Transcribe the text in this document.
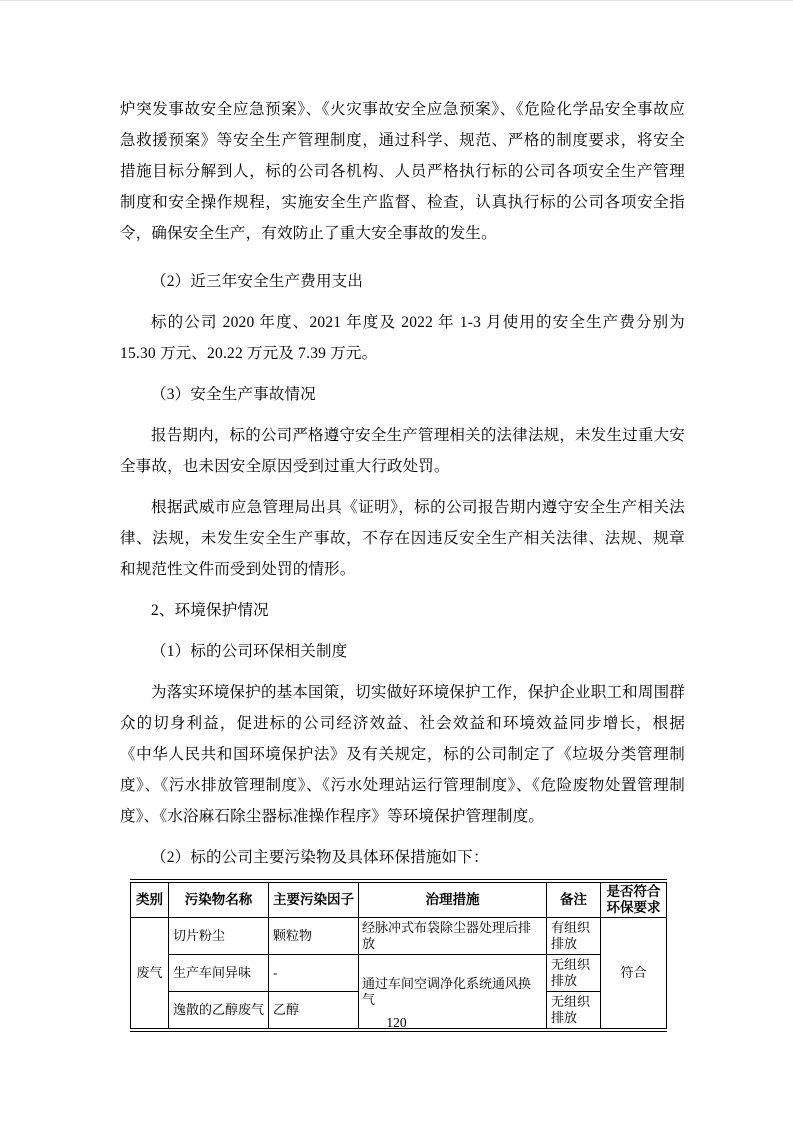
炉突发事故安全应急预案》、《火灾事故安全应急预案》、《危险化学品安全事故应急救援预案》等安全生产管理制度，通过科学、规范、严格的制度要求，将安全措施目标分解到人，标的公司各机构、人员严格执行标的公司各项安全生产管理制度和安全操作规程，实施安全生产监督、检查，认真执行标的公司各项安全指令，确保安全生产，有效防止了重大安全事故的发生。

（2）近三年安全生产费用支出

标的公司 2020 年度、2021 年度及 2022 年 1-3 月使用的安全生产费分别为 15.30 万元、20.22 万元及 7.39 万元。

（3）安全生产事故情况

报告期内，标的公司严格遵守安全生产管理相关的法律法规，未发生过重大安全事故，也未因安全原因受到过重大行政处罚。

根据武威市应急管理局出具《证明》，标的公司报告期内遵守安全生产相关法律、法规，未发生安全生产事故，不存在因违反安全生产相关法律、法规、规章和规范性文件而受到处罚的情形。

2、环境保护情况

（1）标的公司环保相关制度

为落实环境保护的基本国策，切实做好环境保护工作，保护企业职工和周围群众的切身利益，促进标的公司经济效益、社会效益和环境效益同步增长，根据《中华人民共和国环境保护法》及有关规定，标的公司制定了《垃圾分类管理制度》、《污水排放管理制度》、《污水处理站运行管理制度》、《危险废物处置管理制度》、《水浴麻石除尘器标准操作程序》等环境保护管理制度。

（2）标的公司主要污染物及具体环保措施如下：

类别	污染物名称	主要污染因子	治理措施	备注	是否符合环保要求
废气	切片粉尘	颗粒物	经脉冲式布袋除尘器处理后排放	有组织排放	符合
	生产车间异味	-	通过车间空调净化系统通风换气	无组织排放	
	逸散的乙醇废气	乙醇		无组织排放	
120
